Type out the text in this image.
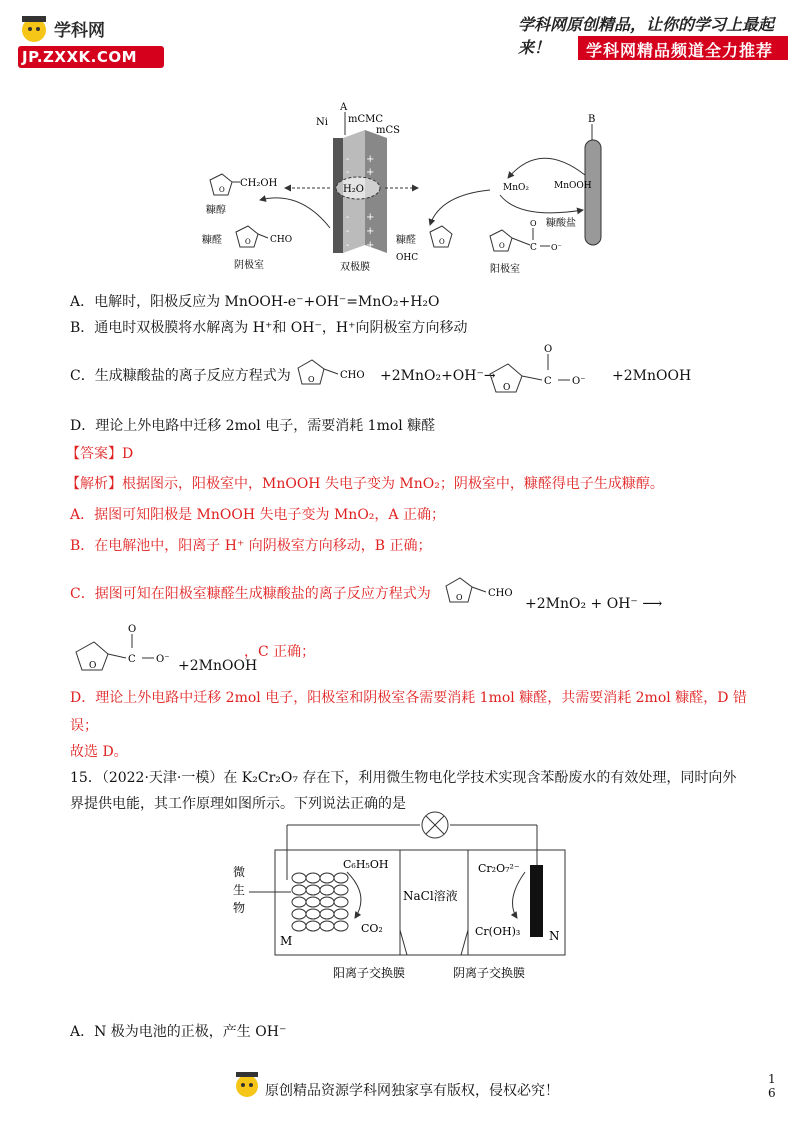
学科网
JP.ZXXK.COM
学科网原创精品，让你的学习上最起来！	学科网精品频道全力推荐
A
Ni mCMC
mCS
- +
- +
- +
- +
- +
H₂O
O
CH₂OH
糠醇
糠醛	O CHO
阴极室	双极膜
B
MnO₂	MnOOH
糠酸盐
糠醛	O
OHC
O	C
O
O⁻
阳极室
A．电解时，阳极反应为 MnOOH-e⁻+OH⁻=MnO₂+H₂O
B．通电时双极膜将水解离为 H⁺和 OH⁻，H⁺向阴极室方向移动
C．生成糠酸盐的离子反应方程式为 O	CHO +2MnO₂+OH⁻→
O
C
O
O⁻ +2MnOOH
D．理论上外电路中迁移 2mol 电子，需要消耗 1mol 糠醛
【答案】D
【解析】根据图示，阳极室中，MnOOH 失电子变为 MnO₂；阴极室中，糠醛得电子生成糠醇。
A．据图可知阳极是 MnOOH 失电子变为 MnO₂，A 正确；
B．在电解池中，阳离子 H⁺ 向阴极室方向移动，B 正确；
C．据图可知在阳极室糠醛生成糠酸盐的离子反应方程式为	O	CHO
+2MnO₂ + OH⁻ ⟶
O
C
O
O⁻ +2MnOOH
，C 正确；
D．理论上外电路中迁移 2mol 电子，阳极室和阴极室各需要消耗 1mol 糠醛，共需要消耗 2mol 糠醛，D 错
误；
故选 D。
15．（2022·天津·一模）在 K₂Cr₂O₇ 存在下，利用微生物电化学技术实现含苯酚废水的有效处理，同时向外
界提供电能，其工作原理如图所示。下列说法正确的是
微
生
物
C₆H₅OH
CO₂
M
NaCl溶液
Cr₂O₇²⁻
Cr(OH)₃ N
阳离子交换膜	阴离子交换膜
A．N 极为电池的正极，产生 OH⁻
原创精品资源学科网独家享有版权，侵权必究！
1
6
